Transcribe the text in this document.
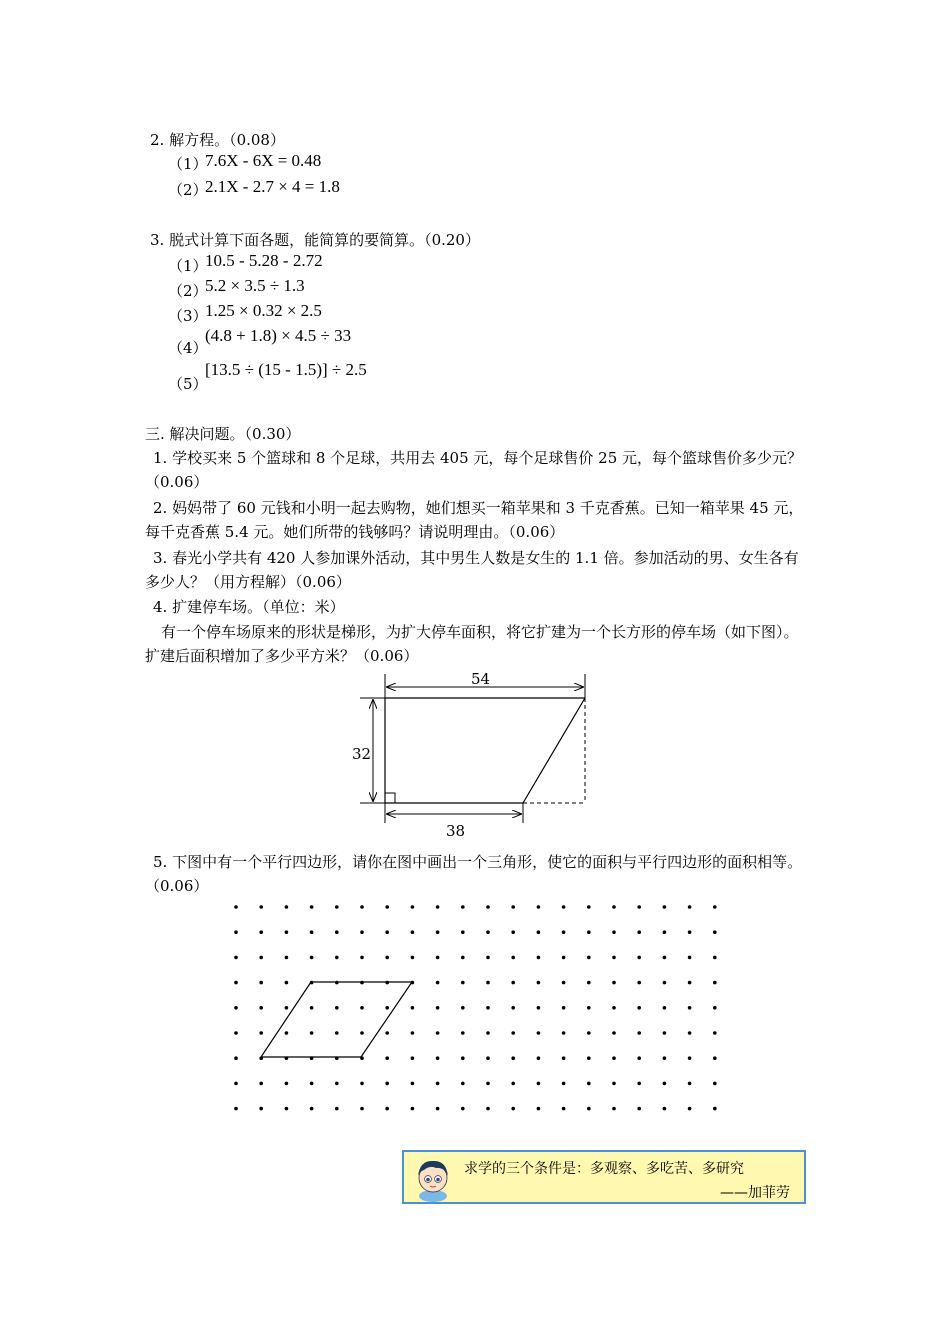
2. 解方程。（0.08）
（1）
7.6X - 6X = 0.48
（2）
2.1X - 2.7 × 4 = 1.8
3. 脱式计算下面各题，能简算的要简算。（0.20）
（1）
10.5 - 5.28 - 2.72
（2）
5.2 × 3.5 ÷ 1.3
（3）
1.25 × 0.32 × 2.5
（4）
(4.8 + 1.8) × 4.5 ÷ 33
（5）
[13.5 ÷ (15 - 1.5)] ÷ 2.5
三. 解决问题。（0.30）
1. 学校买来 5 个篮球和 8 个足球，共用去 405 元，每个足球售价 25 元，每个篮球售价多少元？（0.06）
2. 妈妈带了 60 元钱和小明一起去购物，她们想买一箱苹果和 3 千克香蕉。已知一箱苹果 45 元，每千克香蕉 5.4 元。她们所带的钱够吗？请说明理由。（0.06）
3. 春光小学共有 420 人参加课外活动，其中男生人数是女生的 1.1 倍。参加活动的男、女生各有多少人？（用方程解）（0.06）
4. 扩建停车场。（单位：米）
有一个停车场原来的形状是梯形，为扩大停车面积，将它扩建为一个长方形的停车场（如下图）。扩建后面积增加了多少平方米？（0.06）
54
32
38
5. 下图中有一个平行四边形，请你在图中画出一个三角形，使它的面积与平行四边形的面积相等。（0.06）
求学的三个条件是：多观察、多吃苦、多研究
——加菲劳
